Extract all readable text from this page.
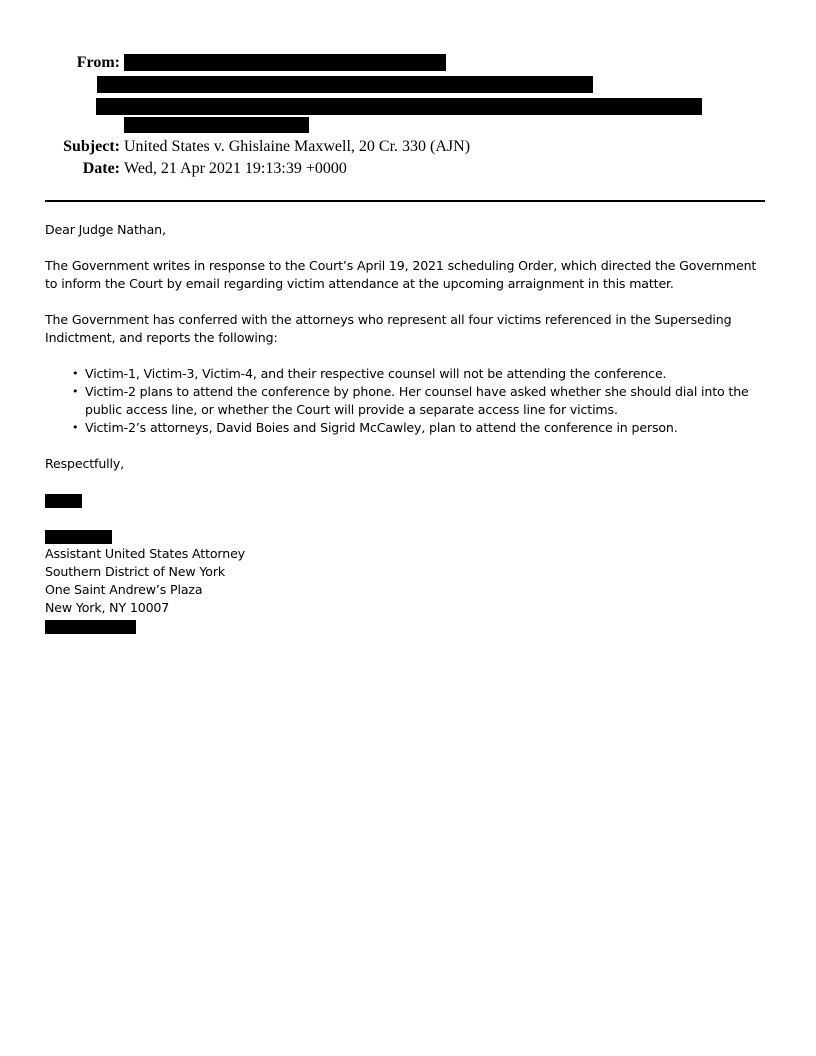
From:
Subject: United States v. Ghislaine Maxwell, 20 Cr. 330 (AJN)
Date: Wed, 21 Apr 2021 19:13:39 +0000

Dear Judge Nathan,

The Government writes in response to the Court’s April 19, 2021 scheduling Order, which directed the Government to inform the Court by email regarding victim attendance at the upcoming arraignment in this matter.

The Government has conferred with the attorneys who represent all four victims referenced in the Superseding Indictment, and reports the following:

• Victim-1, Victim-3, Victim-4, and their respective counsel will not be attending the conference.
• Victim-2 plans to attend the conference by phone. Her counsel have asked whether she should dial into the public access line, or whether the Court will provide a separate access line for victims.
• Victim-2’s attorneys, David Boies and Sigrid McCawley, plan to attend the conference in person.

Respectfully,

Assistant United States Attorney
Southern District of New York
One Saint Andrew’s Plaza
New York, NY 10007
